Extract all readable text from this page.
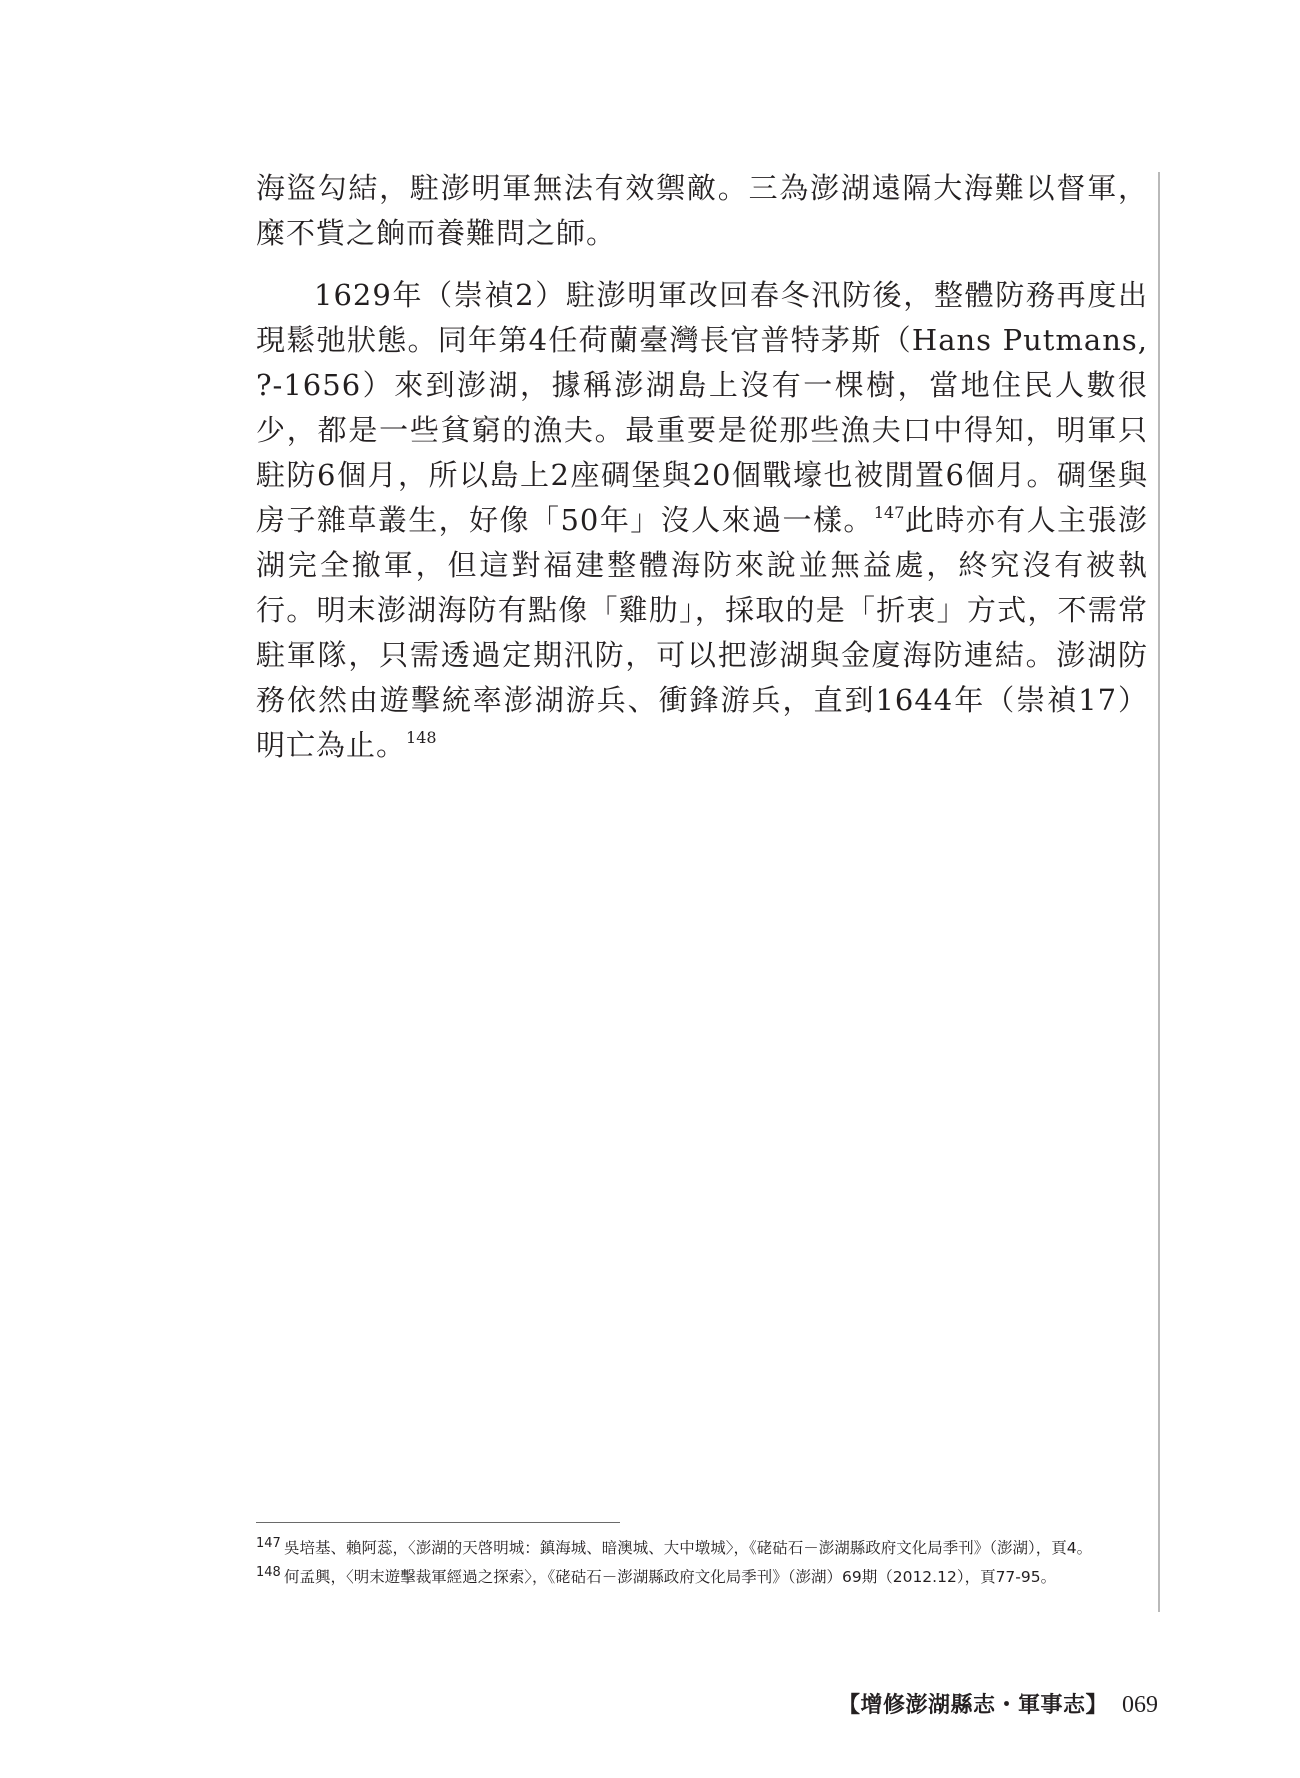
海盜勾結，駐澎明軍無法有效禦敵。三為澎湖遠隔大海難以督軍，糜不貲之餉而養難問之師。

1629年（崇禎2）駐澎明軍改回春冬汛防後，整體防務再度出現鬆弛狀態。同年第4任荷蘭臺灣長官普特茅斯（Hans Putmans, ?-1656）來到澎湖，據稱澎湖島上沒有一棵樹，當地住民人數很少，都是一些貧窮的漁夫。最重要是從那些漁夫口中得知，明軍只駐防6個月，所以島上2座碉堡與20個戰壕也被閒置6個月。碉堡與房子雜草叢生，好像「50年」沒人來過一樣。$^{147}$此時亦有人主張澎湖完全撤軍，但這對福建整體海防來說並無益處，終究沒有被執行。明末澎湖海防有點像「雞肋」，採取的是「折衷」方式，不需常駐軍隊，只需透過定期汛防，可以把澎湖與金廈海防連結。澎湖防務依然由遊擊統率澎湖游兵、衝鋒游兵，直到1644年（崇禎17）明亡為止。$^{148}$

147 吳培基、賴阿蕊，〈澎湖的天啓明城：鎮海城、暗澳城、大中墩城〉，《硓𥑮石－澎湖縣政府文化局季刊》（澎湖），頁4。
148 何孟興，〈明末遊擊裁軍經過之探索〉，《硓𥑮石－澎湖縣政府文化局季刊》（澎湖）69期（2012.12），頁77-95。
【增修澎湖縣志・軍事志】 069
